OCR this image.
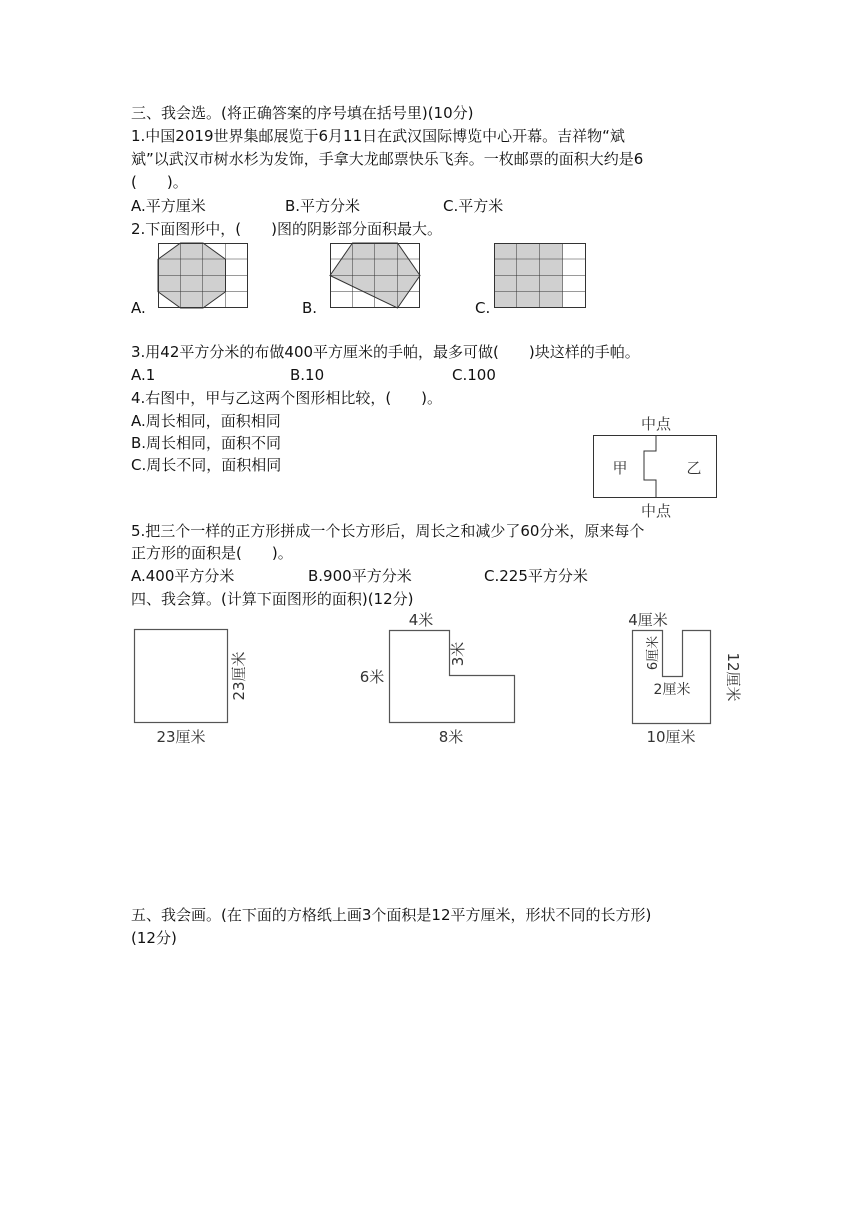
三、我会选。(将正确答案的序号填在括号里)(10分)
1.中国2019世界集邮展览于6月11日在武汉国际博览中心开幕。吉祥物“斌
斌”以武汉市树水杉为发饰，手拿大龙邮票快乐飞奔。一枚邮票的面积大约是6
(　　)。
A.平方厘米	B.平方分米	C.平方米
2.下面图形中，(　　)图的阴影部分面积最大。
A.	B.	C.
3.用42平方分米的布做400平方厘米的手帕，最多可做(　　)块这样的手帕。
A.1	B.10	C.100
4.右图中，甲与乙这两个图形相比较，(　　)。
A.周长相同，面积相同
B.周长相同，面积不同
C.周长不同，面积相同
中点
中点
甲	乙
5.把三个一样的正方形拼成一个长方形后，周长之和减少了60分米，原来每个
正方形的面积是(　　)。
A.400平方分米	B.900平方分米	C.225平方分米
四、我会算。(计算下面图形的面积)(12分)
23厘米
23厘米
4米
3米
6米
8米
4厘米
6厘米
2厘米 12厘米
10厘米
五、我会画。(在下面的方格纸上画3个面积是12平方厘米，形状不同的长方形)
(12分)
